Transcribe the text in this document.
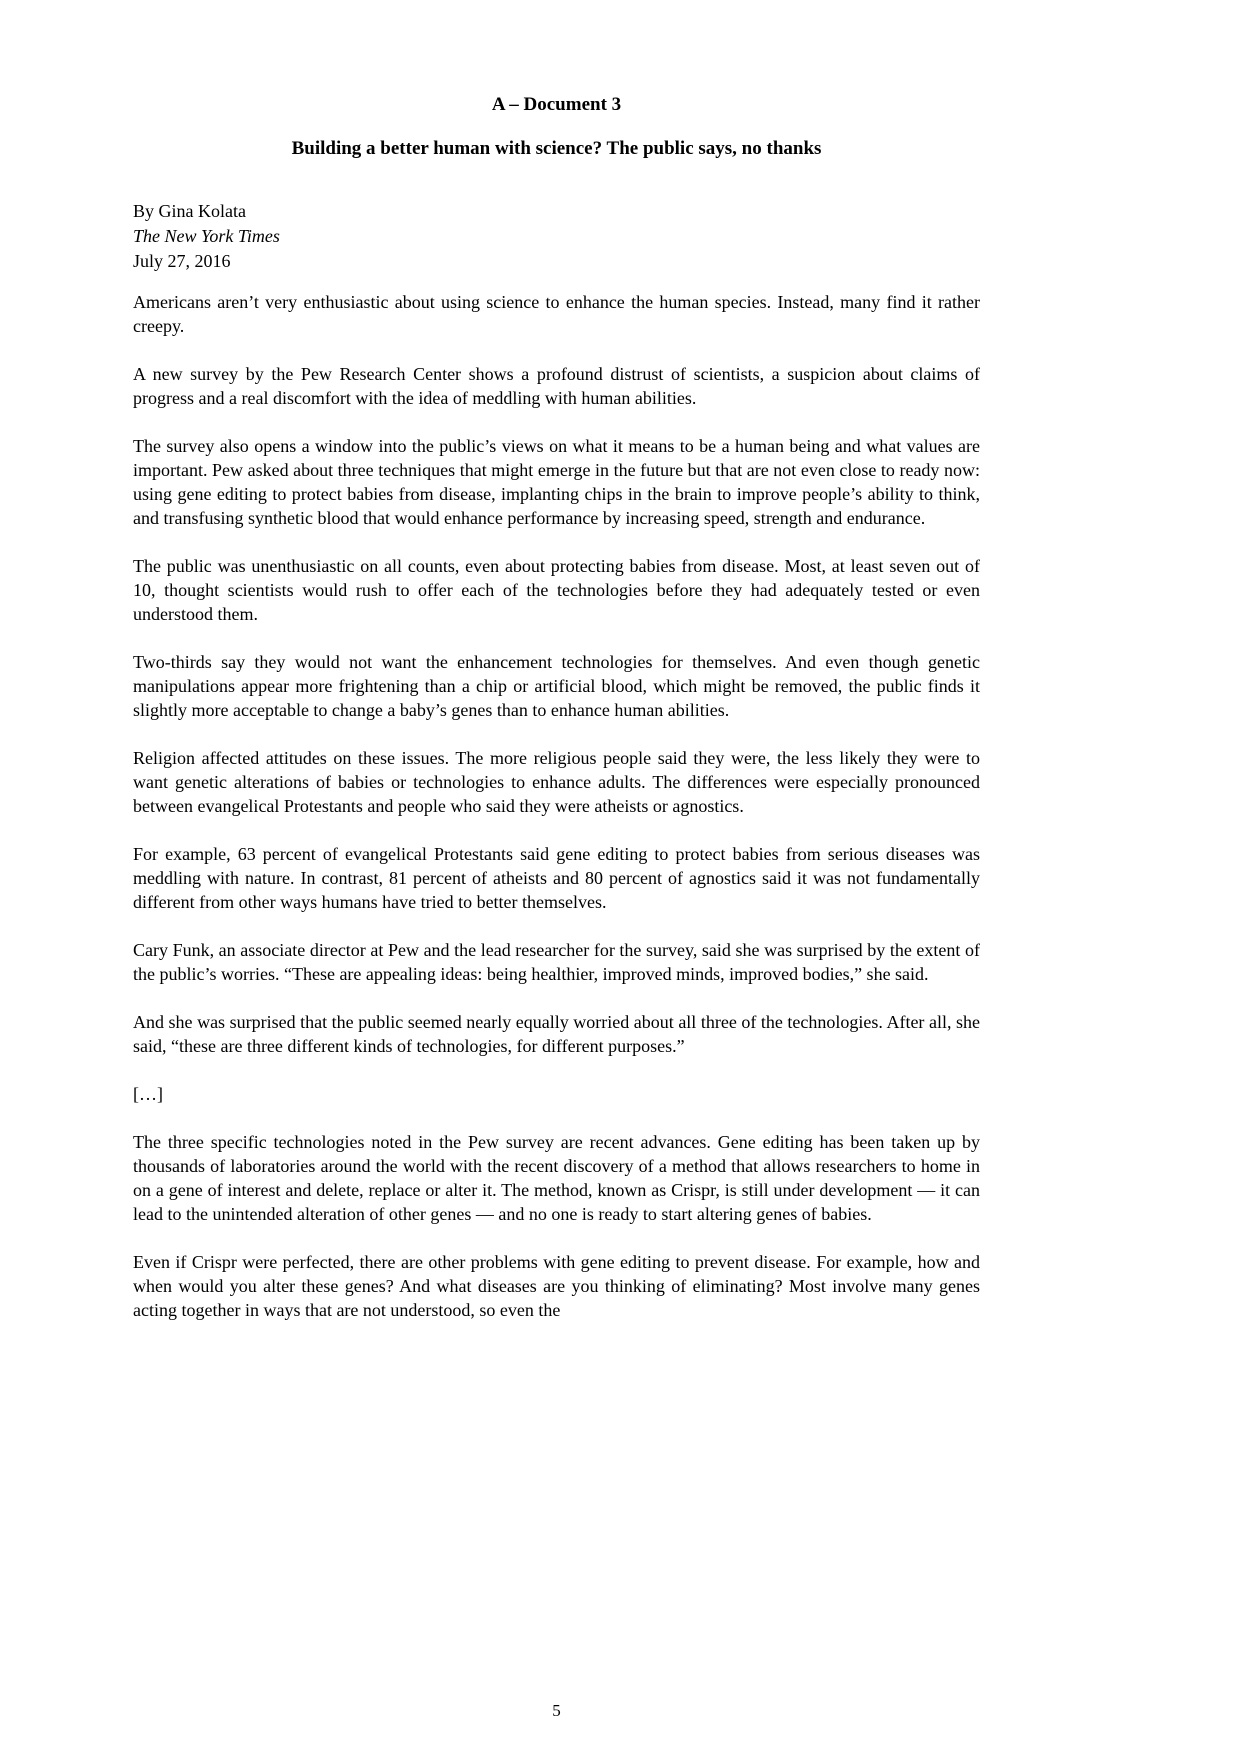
A – Document 3
Building a better human with science? The public says, no thanks
By Gina Kolata
The New York Times
July 27, 2016

Americans aren’t very enthusiastic about using science to enhance the human species. Instead, many find it rather creepy.

A new survey by the Pew Research Center shows a profound distrust of scientists, a suspicion about claims of progress and a real discomfort with the idea of meddling with human abilities.

The survey also opens a window into the public’s views on what it means to be a human being and what values are important. Pew asked about three techniques that might emerge in the future but that are not even close to ready now: using gene editing to protect babies from disease, implanting chips in the brain to improve people’s ability to think, and transfusing synthetic blood that would enhance performance by increasing speed, strength and endurance.

The public was unenthusiastic on all counts, even about protecting babies from disease. Most, at least seven out of 10, thought scientists would rush to offer each of the technologies before they had adequately tested or even understood them.

Two-thirds say they would not want the enhancement technologies for themselves. And even though genetic manipulations appear more frightening than a chip or artificial blood, which might be removed, the public finds it slightly more acceptable to change a baby’s genes than to enhance human abilities.

Religion affected attitudes on these issues. The more religious people said they were, the less likely they were to want genetic alterations of babies or technologies to enhance adults. The differences were especially pronounced between evangelical Protestants and people who said they were atheists or agnostics.

For example, 63 percent of evangelical Protestants said gene editing to protect babies from serious diseases was meddling with nature. In contrast, 81 percent of atheists and 80 percent of agnostics said it was not fundamentally different from other ways humans have tried to better themselves.

Cary Funk, an associate director at Pew and the lead researcher for the survey, said she was surprised by the extent of the public’s worries. “These are appealing ideas: being healthier, improved minds, improved bodies,” she said.

And she was surprised that the public seemed nearly equally worried about all three of the technologies. After all, she said, “these are three different kinds of technologies, for different purposes.”

[…]

The three specific technologies noted in the Pew survey are recent advances. Gene editing has been taken up by thousands of laboratories around the world with the recent discovery of a method that allows researchers to home in on a gene of interest and delete, replace or alter it. The method, known as Crispr, is still under development — it can lead to the unintended alteration of other genes — and no one is ready to start altering genes of babies.

Even if Crispr were perfected, there are other problems with gene editing to prevent disease. For example, how and when would you alter these genes? And what diseases are you thinking of eliminating? Most involve many genes acting together in ways that are not understood, so even the

5
